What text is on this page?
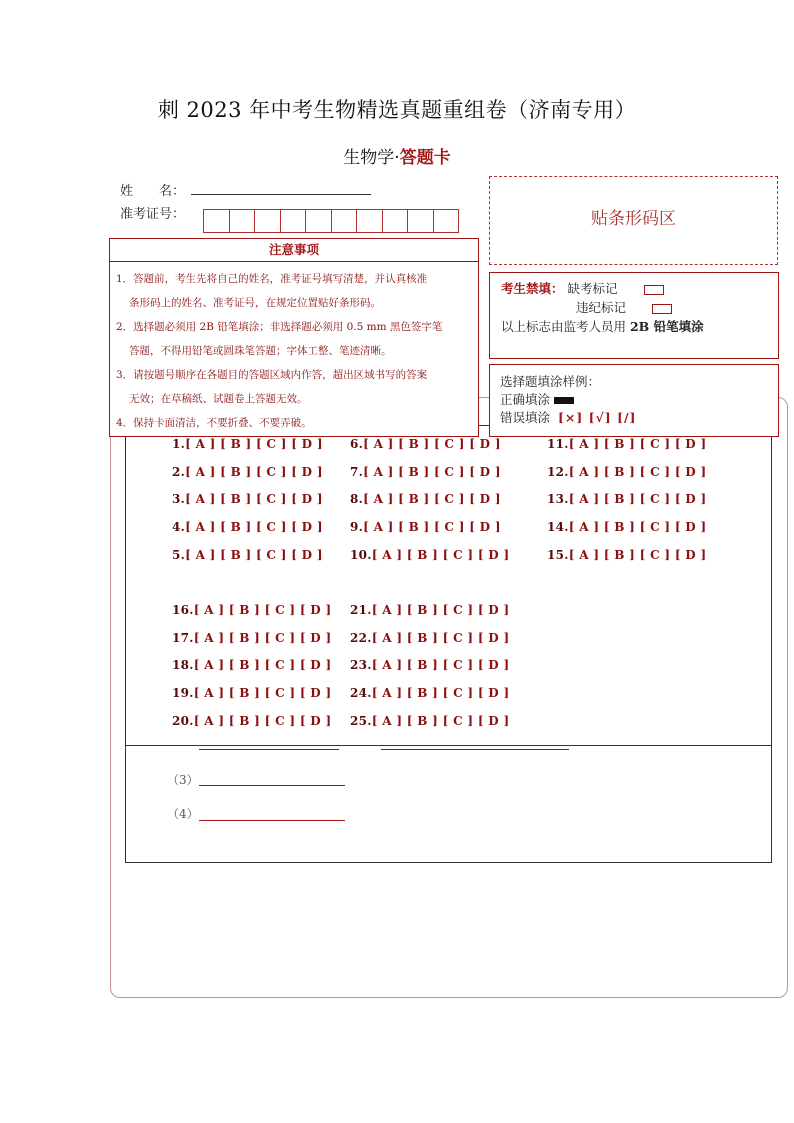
刺 2023 年中考生物精选真题重组卷（济南专用）
生物学·答题卡
姓　　名：
准考证号：	贴条形码区
注意事项
1．答题前，考生先将自己的姓名，准考证号填写清楚，并认真核准
条形码上的姓名、准考证号，在规定位置贴好条形码。
2．选择题必须用 2B 铅笔填涂；非选择题必须用 0.5 mm 黑色签字笔
答题，不得用铅笔或圆珠笔答题；字体工整、笔迹清晰。
3．请按题号顺序在各题目的答题区域内作答，超出区域书写的答案
无效；在草稿纸、试题卷上答题无效。
4．保持卡面清洁，不要折叠、不要弄破。
考生禁填： 缺考标记
违纪标记
以上标志由监考人员用 2B 铅笔填涂
选择题填涂样例：
正确填涂
错误填涂 [×] [√] [/]
1.[ A ] [ B ] [ C ] [ D ]
2.[ A ] [ B ] [ C ] [ D ]
3.[ A ] [ B ] [ C ] [ D ]
4.[ A ] [ B ] [ C ] [ D ]
5.[ A ] [ B ] [ C ] [ D ]
6.[ A ] [ B ] [ C ] [ D ]
7.[ A ] [ B ] [ C ] [ D ]
8.[ A ] [ B ] [ C ] [ D ]
9.[ A ] [ B ] [ C ] [ D ]
10.[ A ] [ B ] [ C ] [ D ]
11.[ A ] [ B ] [ C ] [ D ]
12.[ A ] [ B ] [ C ] [ D ]
13.[ A ] [ B ] [ C ] [ D ]
14.[ A ] [ B ] [ C ] [ D ]
15.[ A ] [ B ] [ C ] [ D ]
16.[ A ] [ B ] [ C ] [ D ]
17.[ A ] [ B ] [ C ] [ D ]
18.[ A ] [ B ] [ C ] [ D ]
19.[ A ] [ B ] [ C ] [ D ]
20.[ A ] [ B ] [ C ] [ D ]
21.[ A ] [ B ] [ C ] [ D ]
22.[ A ] [ B ] [ C ] [ D ]
23.[ A ] [ B ] [ C ] [ D ]
24.[ A ] [ B ] [ C ] [ D ]
25.[ A ] [ B ] [ C ] [ D ]
（3）
（4）
